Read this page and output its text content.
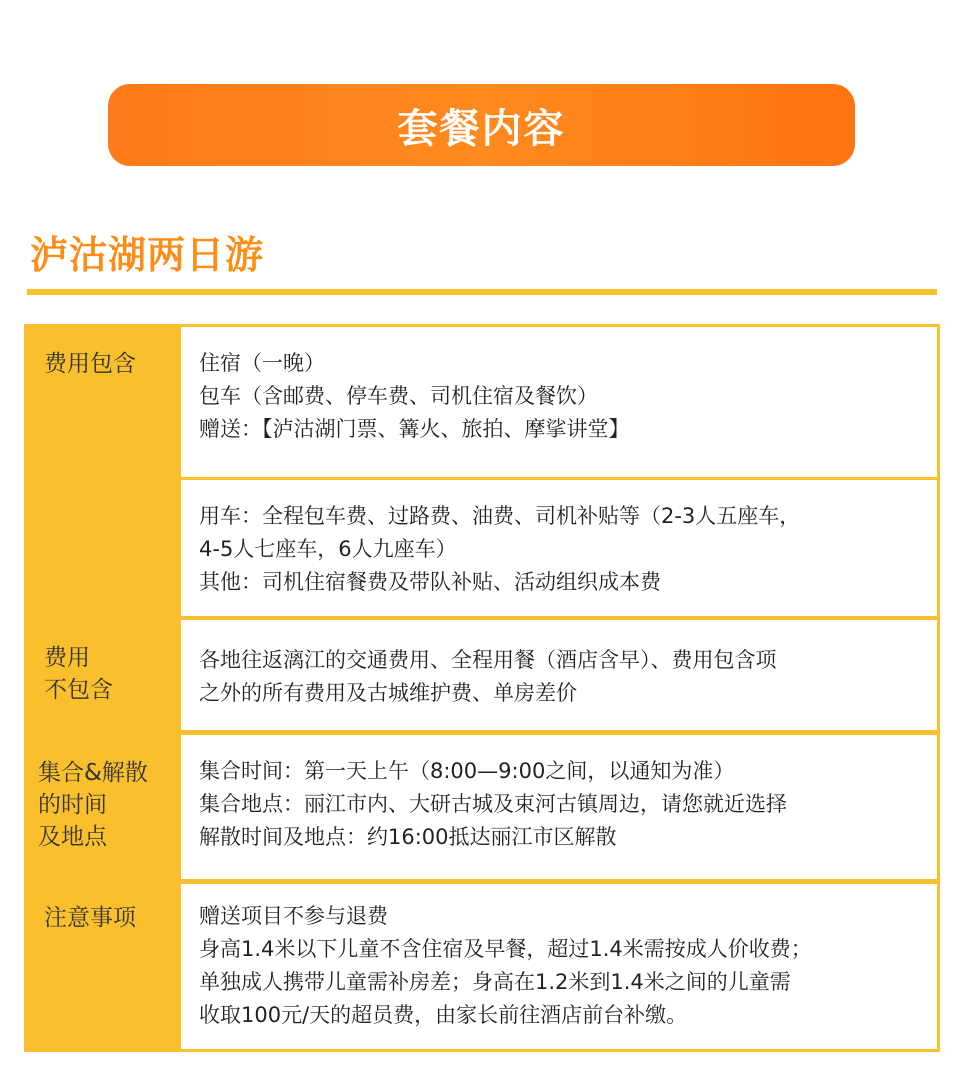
套餐内容
泸沽湖两日游
费用包含	住宿（一晚）
包车（含邮费、停车费、司机住宿及餐饮）
赠送：【泸沽湖门票、篝火、旅拍、摩挲讲堂】
用车：全程包车费、过路费、油费、司机补贴等（2-3人五座车，
4-5人七座车，6人九座车）
其他：司机住宿餐费及带队补贴、活动组织成本费
费用
不包含
各地往返漓江的交通费用、全程用餐（酒店含早）、费用包含项
之外的所有费用及古城维护费、单房差价
集合&解散
的时间
及地点
集合时间：第一天上午（8:00—9:00之间，以通知为准）
集合地点：丽江市内、大研古城及束河古镇周边，请您就近选择
解散时间及地点：约16:00抵达丽江市区解散
注意事项	赠送项目不参与退费
身高1.4米以下儿童不含住宿及早餐，超过1.4米需按成人价收费；
单独成人携带儿童需补房差；身高在1.2米到1.4米之间的儿童需
收取100元/天的超员费，由家长前往酒店前台补缴。
